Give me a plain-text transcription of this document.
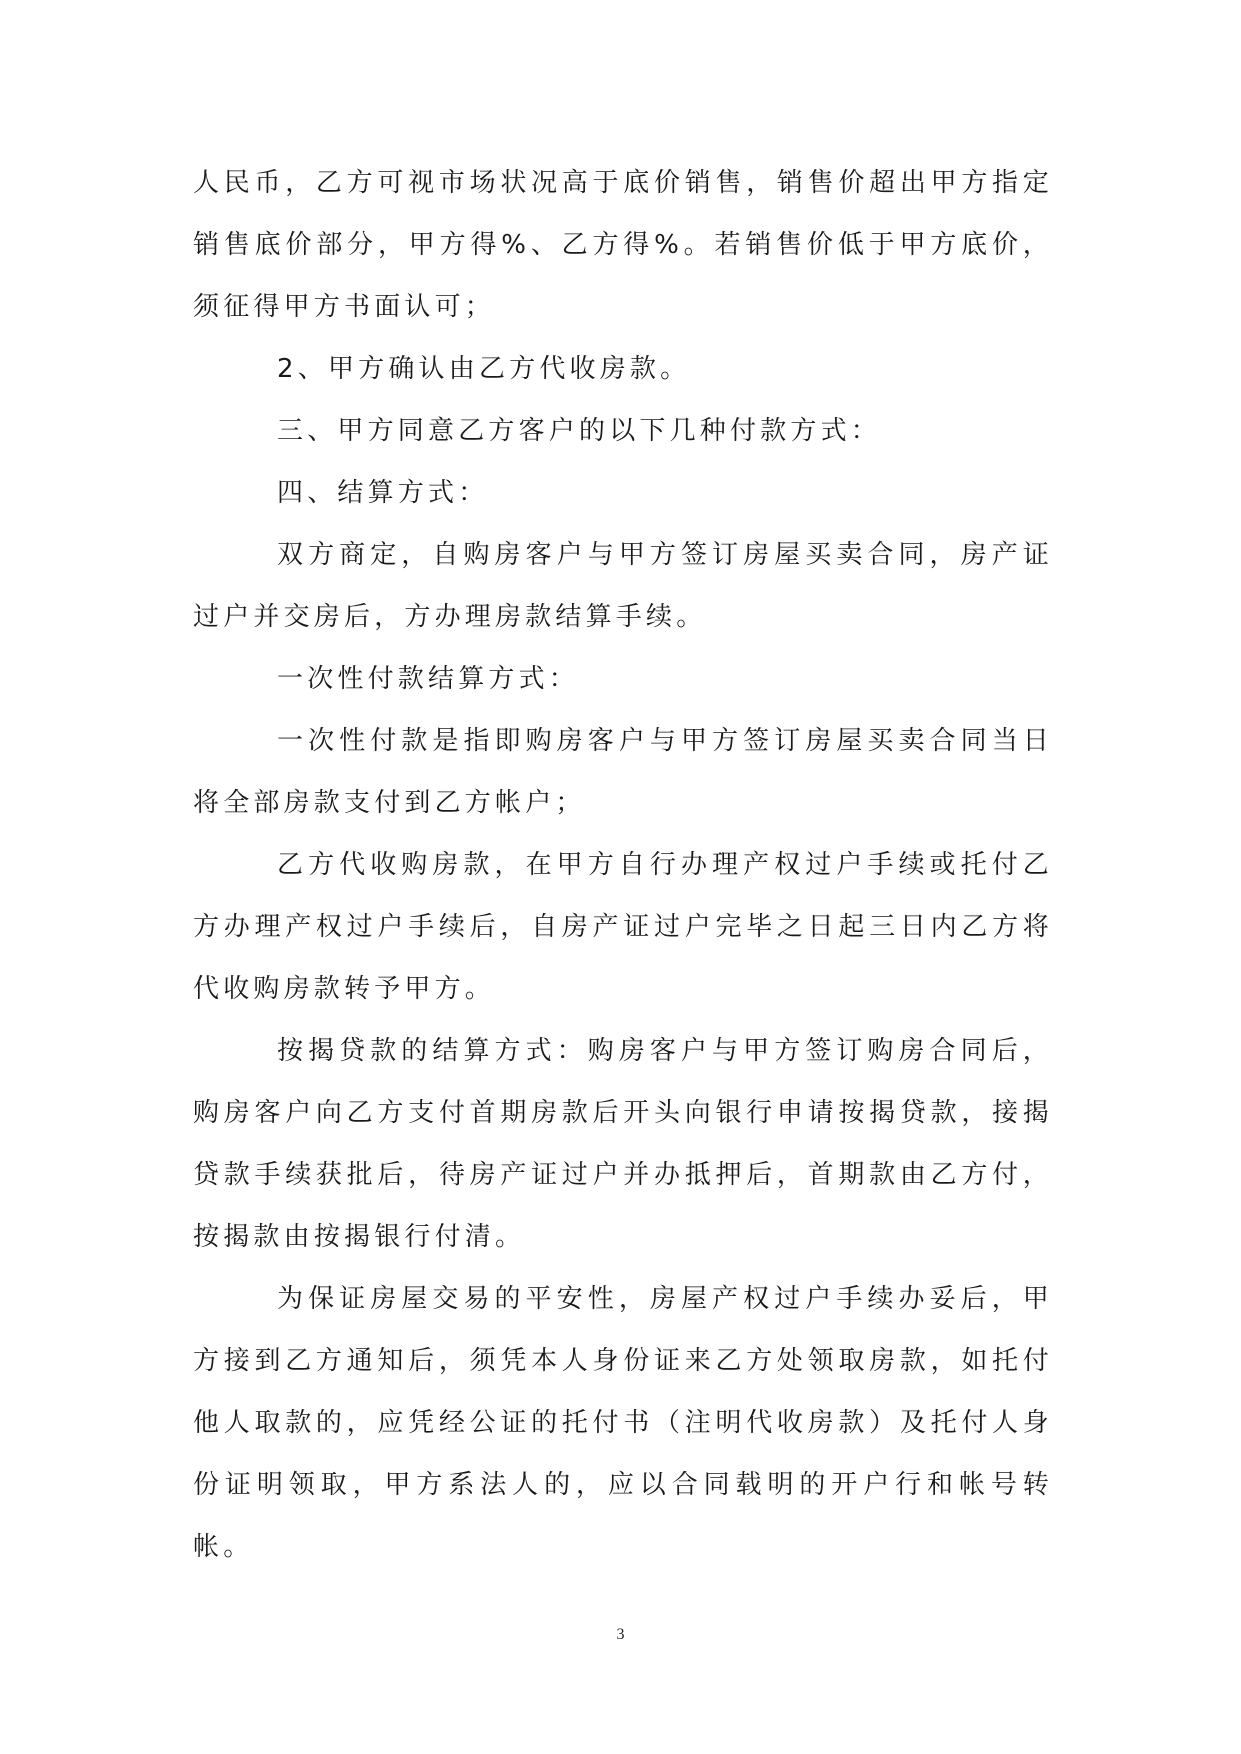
人民币，乙方可视市场状况高于底价销售，销售价超出甲方指定销售底价部分，甲方得%、乙方得%。若销售价低于甲方底价，须征得甲方书面认可；

2、甲方确认由乙方代收房款。

三、甲方同意乙方客户的以下几种付款方式：

四、结算方式：

双方商定，自购房客户与甲方签订房屋买卖合同，房产证过户并交房后，方办理房款结算手续。

一次性付款结算方式：

一次性付款是指即购房客户与甲方签订房屋买卖合同当日将全部房款支付到乙方帐户；

乙方代收购房款，在甲方自行办理产权过户手续或托付乙方办理产权过户手续后，自房产证过户完毕之日起三日内乙方将代收购房款转予甲方。

按揭贷款的结算方式：购房客户与甲方签订购房合同后，购房客户向乙方支付首期房款后开头向银行申请按揭贷款，接揭贷款手续获批后，待房产证过户并办抵押后，首期款由乙方付，按揭款由按揭银行付清。

为保证房屋交易的平安性，房屋产权过户手续办妥后，甲方接到乙方通知后，须凭本人身份证来乙方处领取房款，如托付他人取款的，应凭经公证的托付书（注明代收房款）及托付人身份证明领取，甲方系法人的，应以合同载明的开户行和帐号转帐。

3
